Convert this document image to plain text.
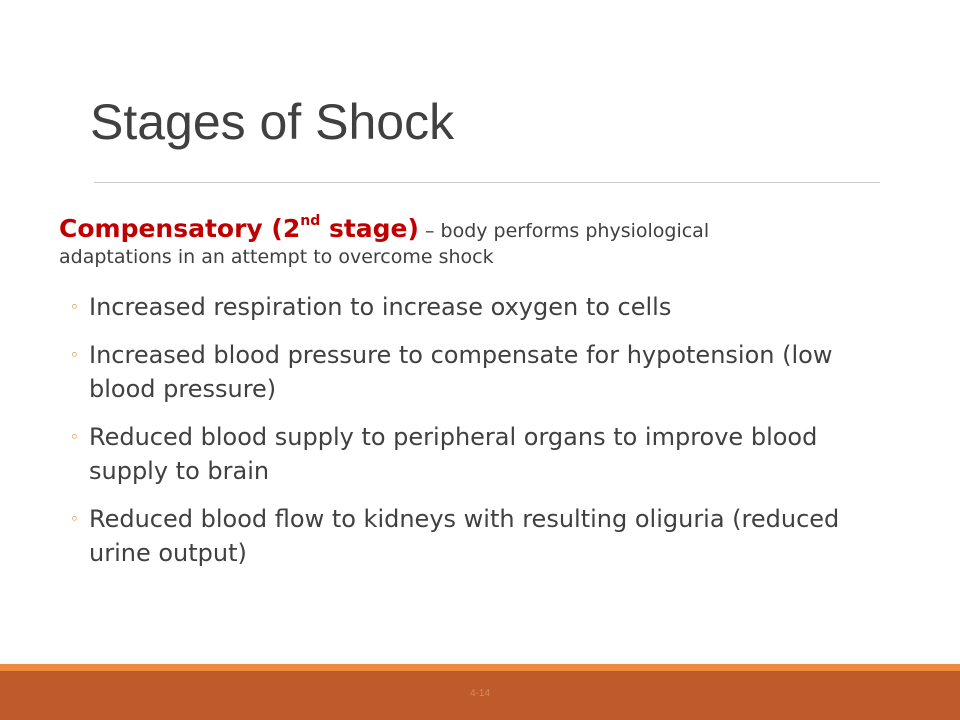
Stages of Shock
Compensatory (2nd stage) – body performs physiological
adaptations in an attempt to overcome shock
◦ Increased respiration to increase oxygen to cells
◦ Increased blood pressure to compensate for hypotension (low blood pressure)
◦ Reduced blood supply to peripheral organs to improve blood supply to brain
◦ Reduced blood flow to kidneys with resulting oliguria (reduced urine output)
4-14
